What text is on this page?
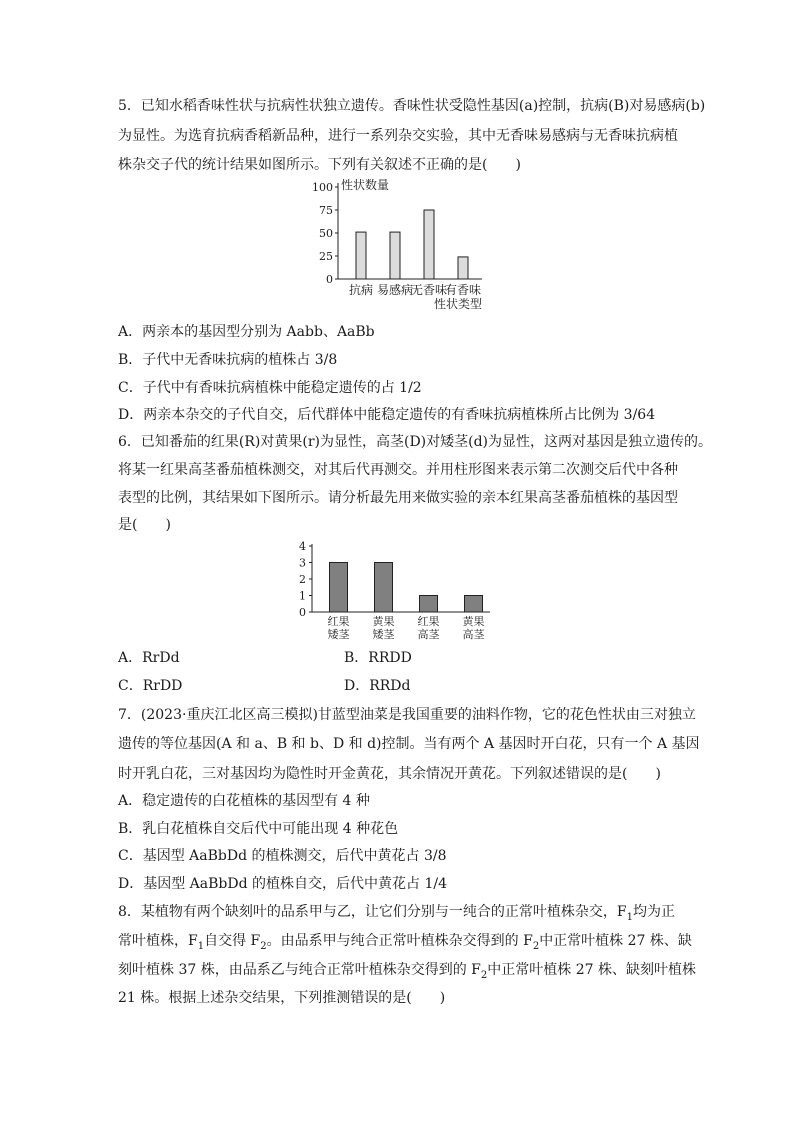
5．已知水稻香味性状与抗病性状独立遗传。香味性状受隐性基因(a)控制，抗病(B)对易感病(b)
为显性。为选育抗病香稻新品种，进行一系列杂交实验，其中无香味易感病与无香味抗病植
株杂交子代的统计结果如图所示。下列有关叙述不正确的是(　　)
0
25
50
75
100 性状数量
抗病 易感病
无香味
有香味
性状类型
A．两亲本的基因型分别为 Aabb、AaBb
B．子代中无香味抗病的植株占 3/8
C．子代中有香味抗病植株中能稳定遗传的占 1/2
D．两亲本杂交的子代自交，后代群体中能稳定遗传的有香味抗病植株所占比例为 3/64
6．已知番茄的红果(R)对黄果(r)为显性，高茎(D)对矮茎(d)为显性，这两对基因是独立遗传的。
将某一红果高茎番茄植株测交，对其后代再测交。并用柱形图来表示第二次测交后代中各种
表型的比例，其结果如下图所示。请分析最先用来做实验的亲本红果高茎番茄植株的基因型
是(　　)
0
1
2
3
4
红果
矮茎
黄果
矮茎
红果
高茎
黄果
高茎
A．RrDd	B．RRDD
C．RrDD	D．RRDd
7．(2023·重庆江北区高三模拟)甘蓝型油菜是我国重要的油料作物，它的花色性状由三对独立
遗传的等位基因(A 和 a、B 和 b、D 和 d)控制。当有两个 A 基因时开白花，只有一个 A 基因
时开乳白花，三对基因均为隐性时开金黄花，其余情况开黄花。下列叙述错误的是(　　)
A．稳定遗传的白花植株的基因型有 4 种
B．乳白花植株自交后代中可能出现 4 种花色
C．基因型 AaBbDd 的植株测交，后代中黄花占 3/8
D．基因型 AaBbDd 的植株自交，后代中黄花占 1/4
8．某植物有两个缺刻叶的品系甲与乙，让它们分别与一纯合的正常叶植株杂交，$F_1$均为正
常叶植株，$F_1$自交得 $F_2$。由品系甲与纯合正常叶植株杂交得到的 $F_2$中正常叶植株 27 株、缺
刻叶植株 37 株，由品系乙与纯合正常叶植株杂交得到的 $F_2$中正常叶植株 27 株、缺刻叶植株
21 株。根据上述杂交结果，下列推测错误的是(　　)
